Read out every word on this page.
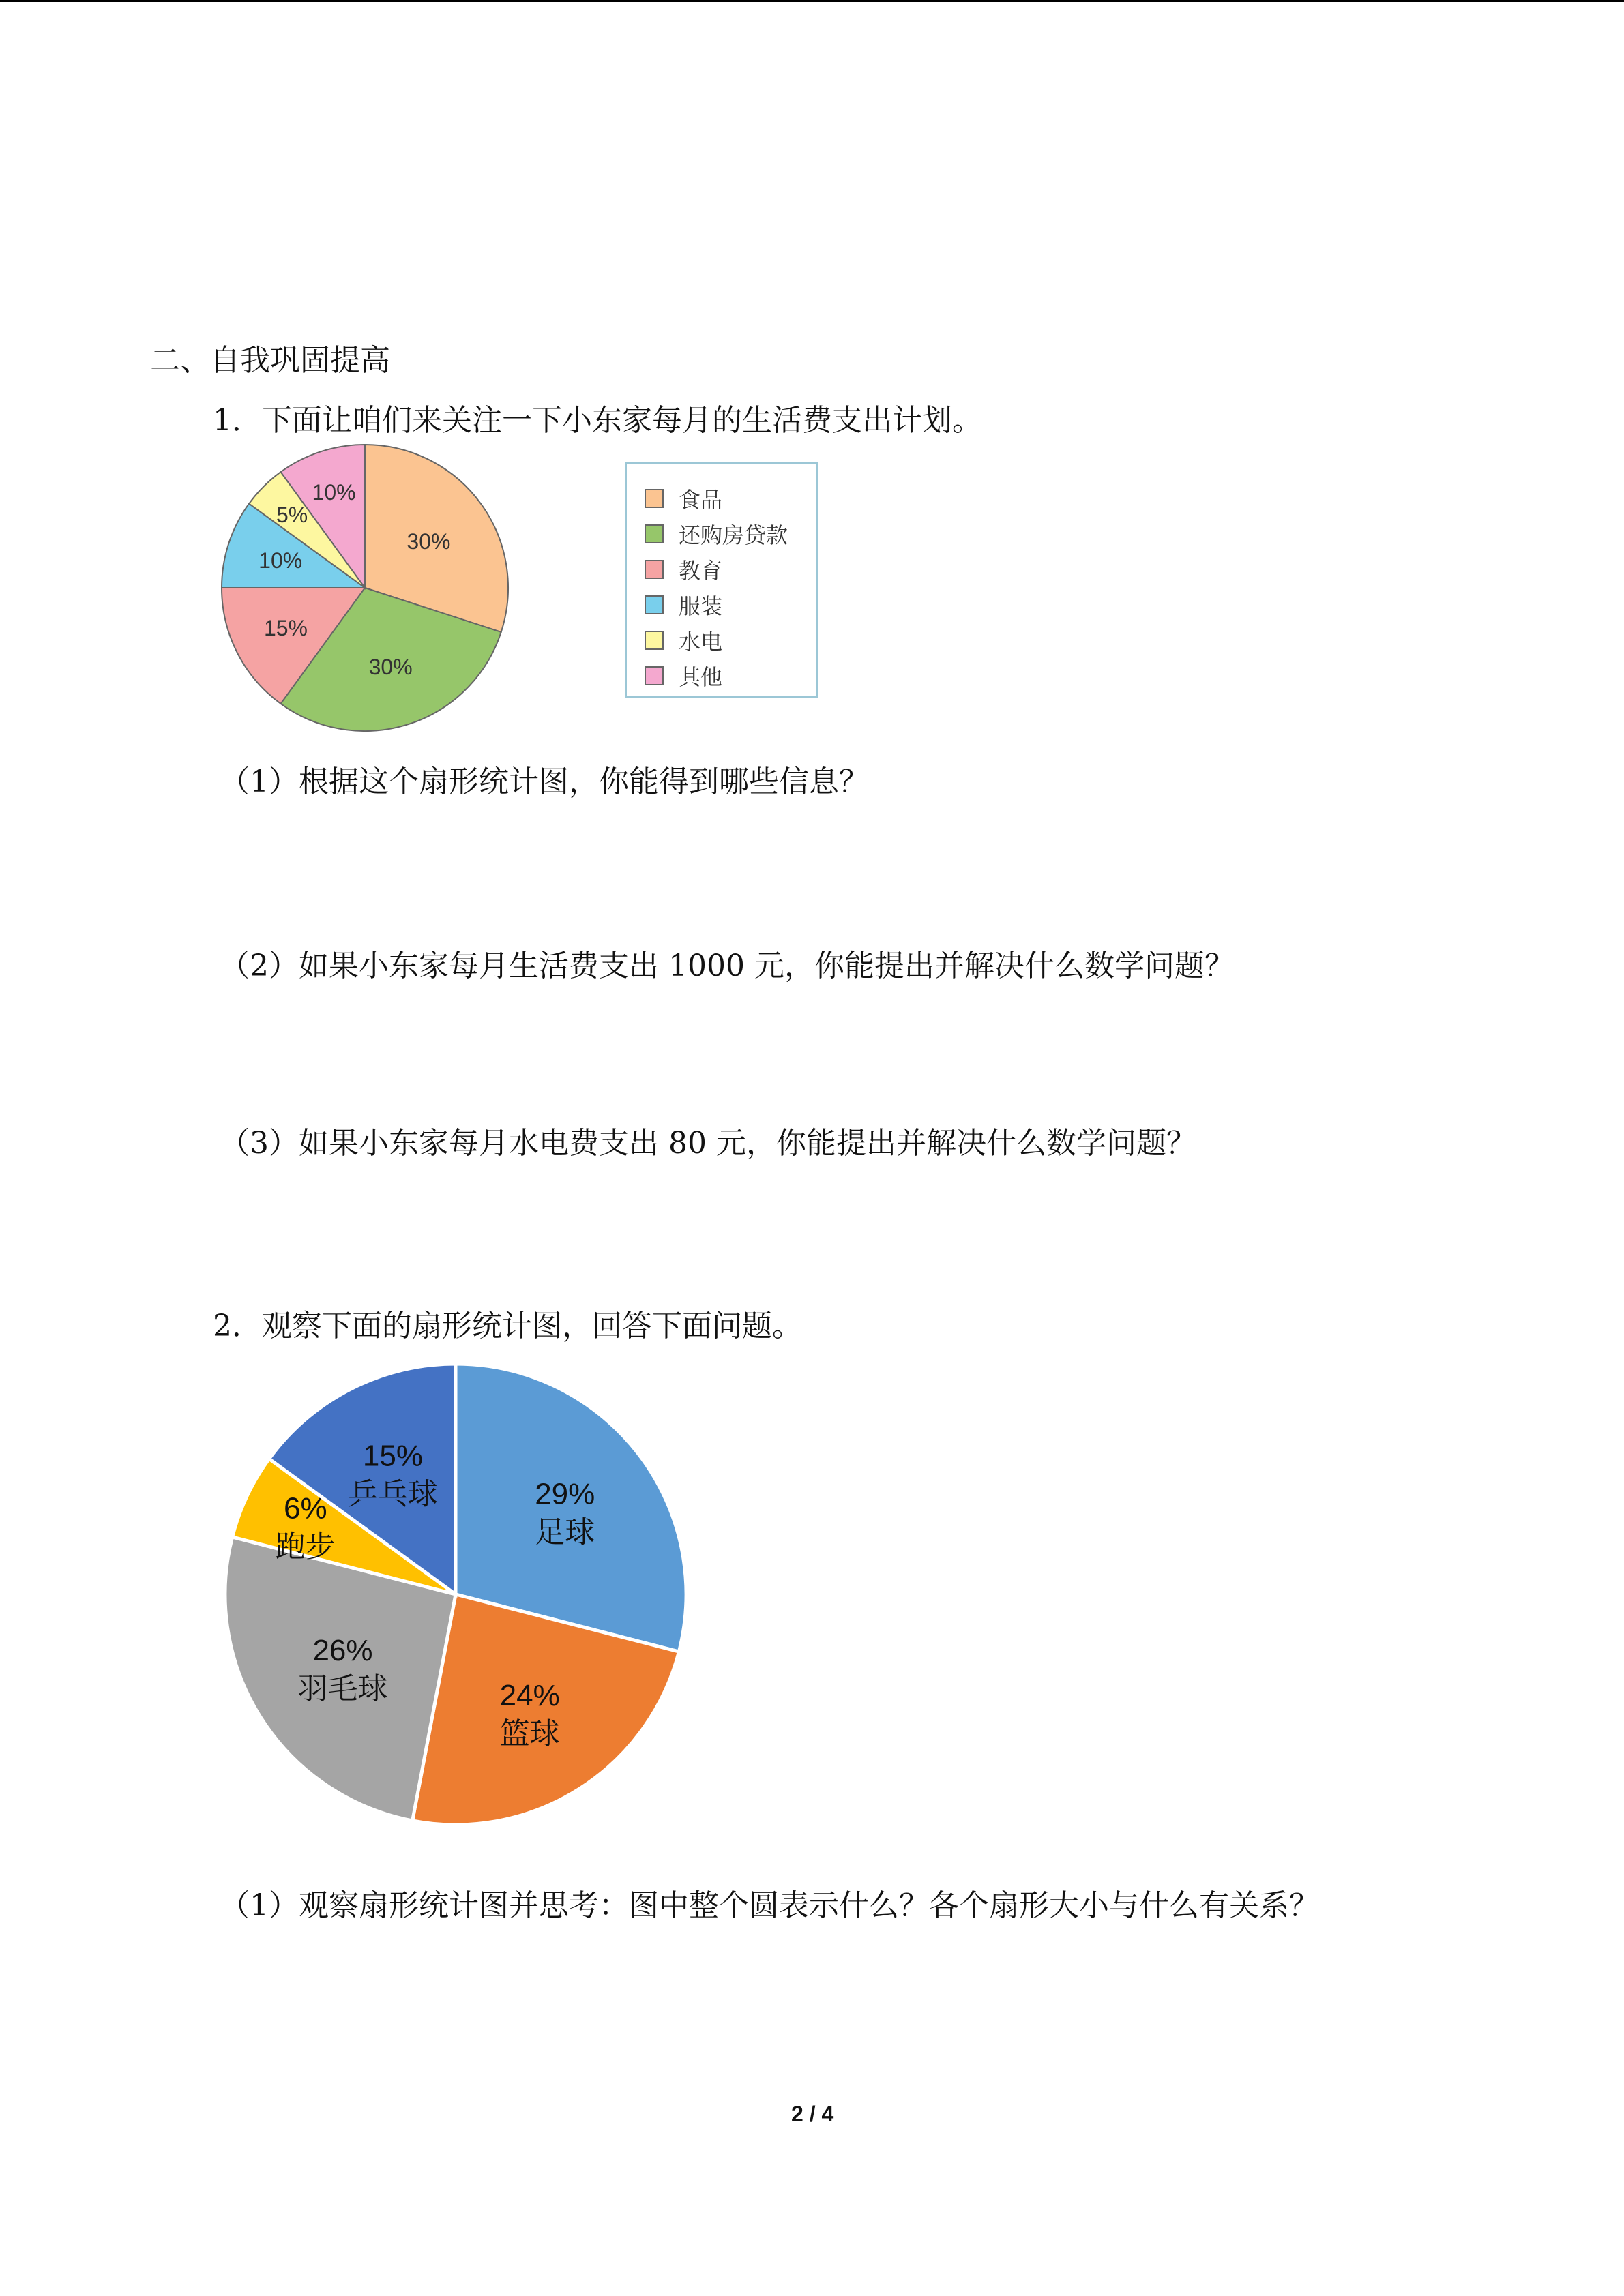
二、自我巩固提高
1．下面让咱们来关注一下小东家每月的生活费支出计划。
30%
30%
15%
10%
5%
10%	食品
还购房贷款
教育
服装
水电
其他
（1）根据这个扇形统计图，你能得到哪些信息？
（2）如果小东家每月生活费支出 1000 元，你能提出并解决什么数学问题？
（3）如果小东家每月水电费支出 80 元，你能提出并解决什么数学问题？
2．观察下面的扇形统计图，回答下面问题。
29%
足球
24%
篮球
26%
羽毛球
6%
跑步
15%
乒乓球
（1）观察扇形统计图并思考：图中整个圆表示什么？各个扇形大小与什么有关系？
2 / 4
